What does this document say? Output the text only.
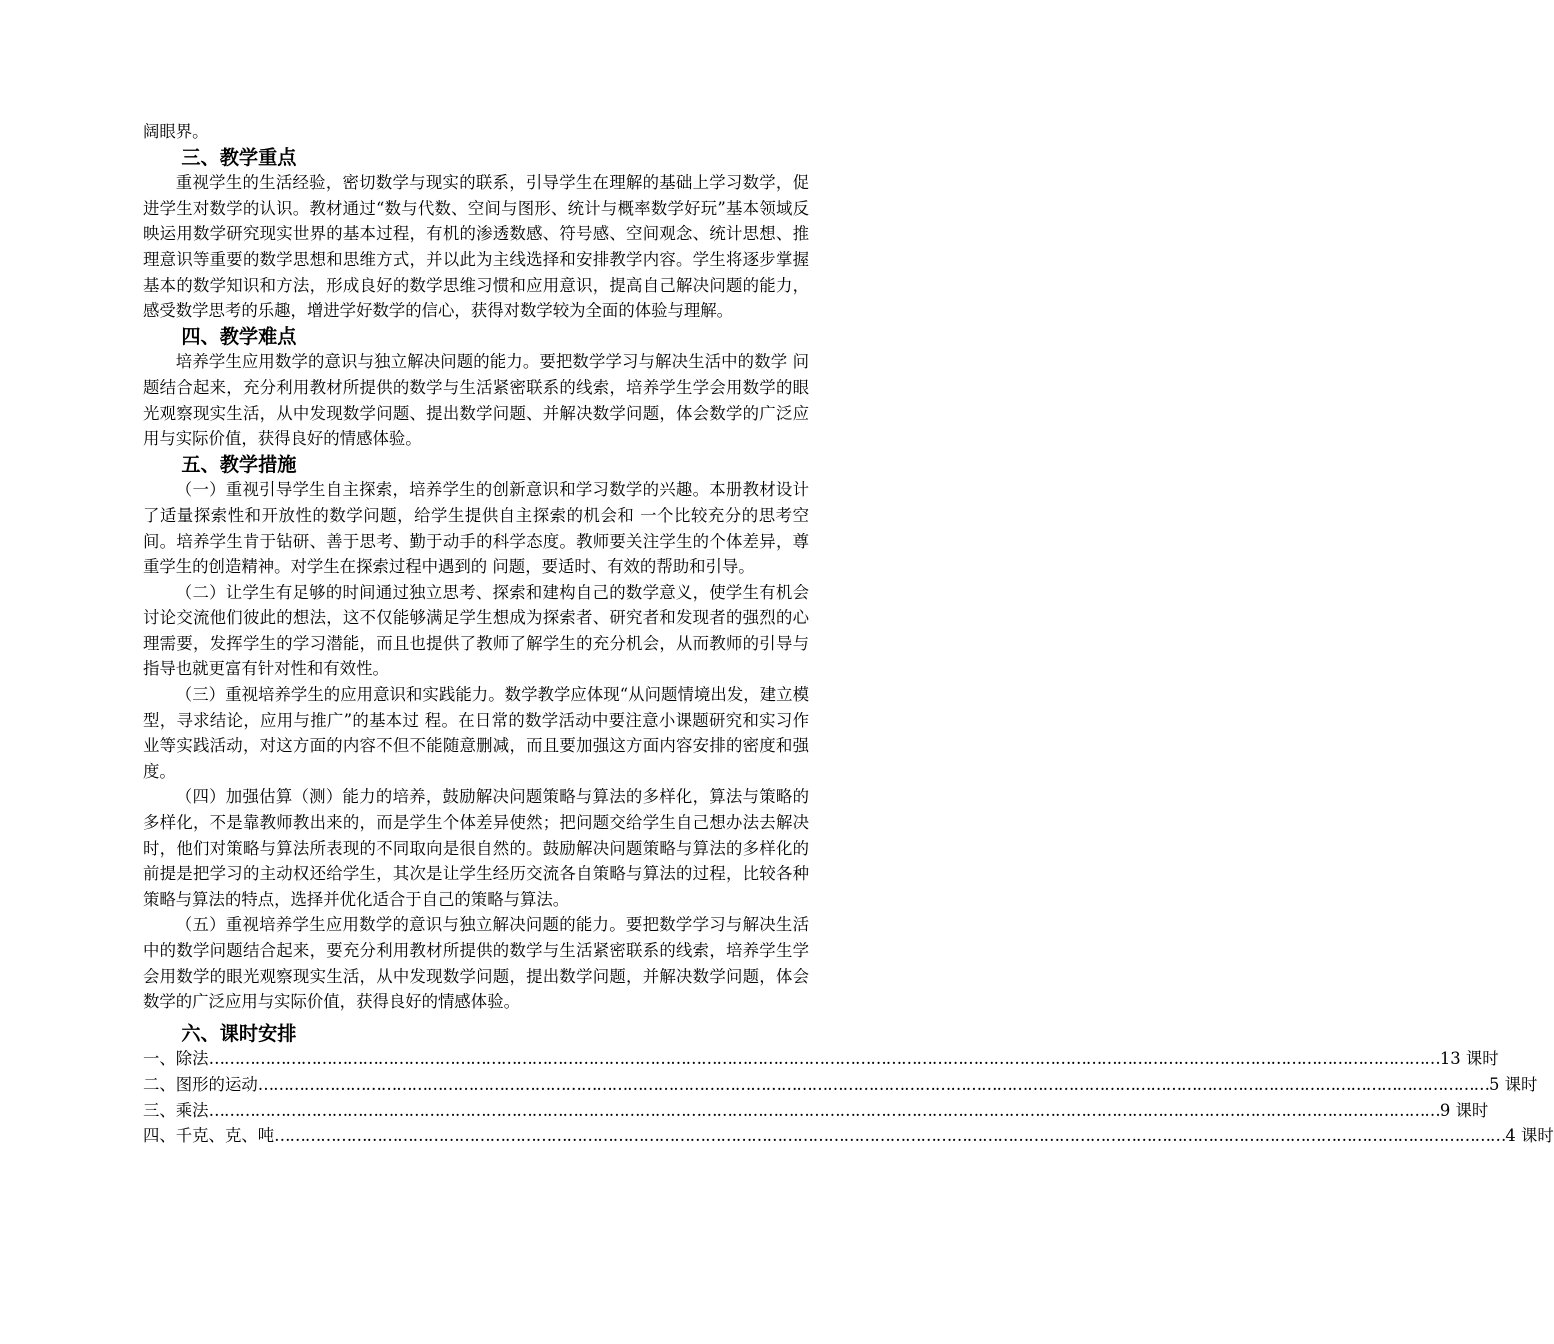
阔眼界。

三、教学重点

重视学生的生活经验，密切数学与现实的联系，引导学生在理解的基础上学习数学，促进学生对数学的认识。教材通过“数与代数、空间与图形、统计与概率数学好玩”基本领域反映运用数学研究现实世界的基本过程，有机的渗透数感、符号感、空间观念、统计思想、推理意识等重要的数学思想和思维方式，并以此为主线选择和安排教学内容。学生将逐步掌握基本的数学知识和方法，形成良好的数学思维习惯和应用意识，提高自己解决问题的能力，感受数学思考的乐趣，增进学好数学的信心，获得对数学较为全面的体验与理解。

四、教学难点

培养学生应用数学的意识与独立解决问题的能力。要把数学学习与解决生活中的数学 问题结合起来，充分利用教材所提供的数学与生活紧密联系的线索，培养学生学会用数学的眼光观察现实生活，从中发现数学问题、提出数学问题、并解决数学问题，体会数学的广泛应用与实际价值，获得良好的情感体验。

五、教学措施

（一）重视引导学生自主探索，培养学生的创新意识和学习数学的兴趣。本册教材设计了适量探索性和开放性的数学问题，给学生提供自主探索的机会和 一个比较充分的思考空间。培养学生肯于钻研、善于思考、勤于动手的科学态度。教师要关注学生的个体差异，尊重学生的创造精神。对学生在探索过程中遇到的 问题，要适时、有效的帮助和引导。

（二）让学生有足够的时间通过独立思考、探索和建构自己的数学意义，使学生有机会讨论交流他们彼此的想法，这不仅能够满足学生想成为探索者、研究者和发现者的强烈的心理需要，发挥学生的学习潜能，而且也提供了教师了解学生的充分机会，从而教师的引导与指导也就更富有针对性和有效性。

（三）重视培养学生的应用意识和实践能力。数学教学应体现“从问题情境出发，建立模型，寻求结论，应用与推广”的基本过 程。在日常的数学活动中要注意小课题研究和实习作业等实践活动，对这方面的内容不但不能随意删减，而且要加强这方面内容安排的密度和强度。

（四）加强估算（测）能力的培养，鼓励解决问题策略与算法的多样化，算法与策略的多样化，不是靠教师教出来的，而是学生个体差异使然；把问题交给学生自己想办法去解决时，他们对策略与算法所表现的不同取向是很自然的。鼓励解决问题策略与算法的多样化的前提是把学习的主动权还给学生，其次是让学生经历交流各自策略与算法的过程，比较各种策略与算法的特点，选择并优化适合于自己的策略与算法。

（五）重视培养学生应用数学的意识与独立解决问题的能力。要把数学学习与解决生活中的数学问题结合起来，要充分利用教材所提供的数学与生活紧密联系的线索，培养学生学会用数学的眼光观察现实生活，从中发现数学问题，提出数学问题，并解决数学问题，体会数学的广泛应用与实际价值，获得良好的情感体验。

六、课时安排
一、除法 …………………………………………………………………………………………………………………………………………………………………………………………………………………… 13 课时
二、图形的运动 …………………………………………………………………………………………………………………………………………………………………………………………………………………… 5 课时
三、乘法 …………………………………………………………………………………………………………………………………………………………………………………………………………………… 9 课时
四、千克、克、吨 …………………………………………………………………………………………………………………………………………………………………………………………………………………… 4 课时
